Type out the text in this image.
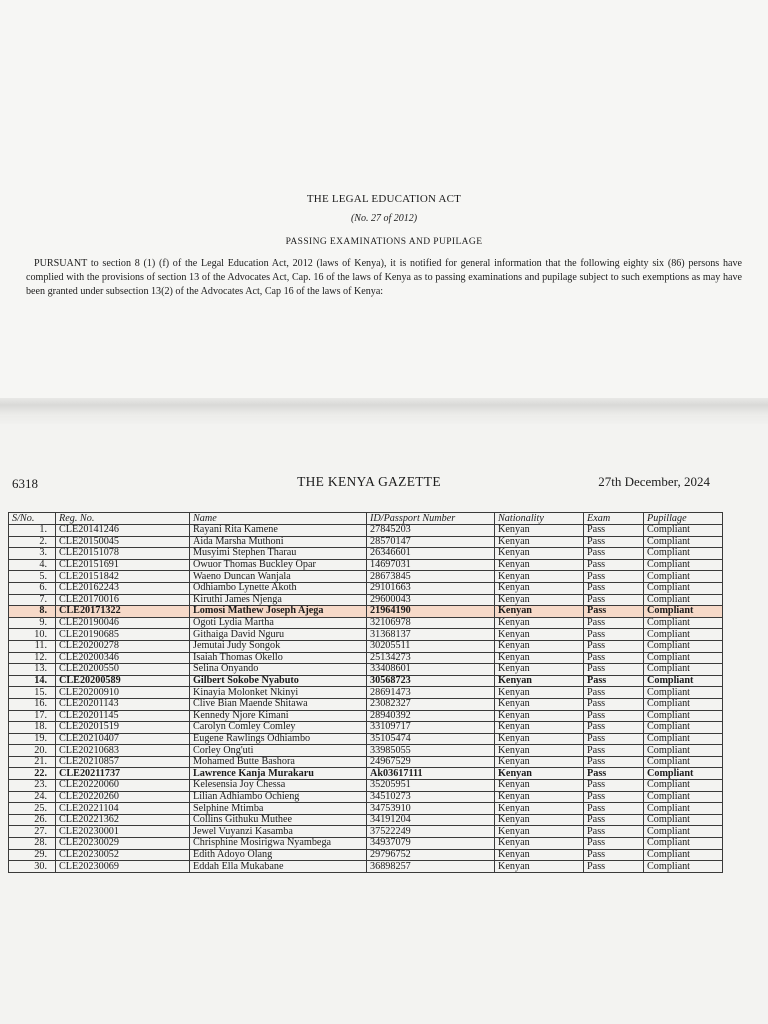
THE LEGAL EDUCATION ACT
(No. 27 of 2012)
PASSING EXAMINATIONS AND PUPILAGE
PURSUANT to section 8 (1) (f) of the Legal Education Act, 2012 (laws of Kenya), it is notified for general information that the following eighty six (86) persons have complied with the provisions of section 13 of the Advocates Act, Cap. 16 of the laws of Kenya as to passing examinations and pupilage subject to such exemptions as may have been granted under subsection 13(2) of the Advocates Act, Cap 16 of the laws of Kenya:
6318	THE KENYA GAZETTE	27th December, 2024
S/No.	Reg. No.	Name	ID/Passport Number	Nationality	Exam	Pupillage
1.	CLE20141246	Rayani Rita Kamene	27845203	Kenyan	Pass	Compliant
2.	CLE20150045	Aida Marsha Muthoni	28570147	Kenyan	Pass	Compliant
3.	CLE20151078	Musyimi Stephen Tharau	26346601	Kenyan	Pass	Compliant
4.	CLE20151691	Owuor Thomas Buckley Opar	14697031	Kenyan	Pass	Compliant
5.	CLE20151842	Waeno Duncan Wanjala	28673845	Kenyan	Pass	Compliant
6.	CLE20162243	Odhiambo Lynette Akoth	29101663	Kenyan	Pass	Compliant
7.	CLE20170016	Kiruthi James Njenga	29600043	Kenyan	Pass	Compliant
8.	CLE20171322	Lomosi Mathew Joseph Ajega	21964190	Kenyan	Pass	Compliant
9.	CLE20190046	Ogoti Lydia Martha	32106978	Kenyan	Pass	Compliant
10.	CLE20190685	Githaiga David Nguru	31368137	Kenyan	Pass	Compliant
11.	CLE20200278	Jemutai Judy Songok	30205511	Kenyan	Pass	Compliant
12.	CLE20200346	Isaiah Thomas Okello	25134273	Kenyan	Pass	Compliant
13.	CLE20200550	Selina Onyando	33408601	Kenyan	Pass	Compliant
14.	CLE20200589	Gilbert Sokobe Nyabuto	30568723	Kenyan	Pass	Compliant
15.	CLE20200910	Kinayia Molonket Nkinyi	28691473	Kenyan	Pass	Compliant
16.	CLE20201143	Clive Bian Maende Shitawa	23082327	Kenyan	Pass	Compliant
17.	CLE20201145	Kennedy Njore Kimani	28940392	Kenyan	Pass	Compliant
18.	CLE20201519	Carolyn Comley Comley	33109717	Kenyan	Pass	Compliant
19.	CLE20210407	Eugene Rawlings Odhiambo	35105474	Kenyan	Pass	Compliant
20.	CLE20210683	Corley Ong'uti	33985055	Kenyan	Pass	Compliant
21.	CLE20210857	Mohamed Butte Bashora	24967529	Kenyan	Pass	Compliant
22.	CLE20211737	Lawrence Kanja Murakaru	Ak03617111	Kenyan	Pass	Compliant
23.	CLE20220060	Kelesensia Joy Chessa	35205951	Kenyan	Pass	Compliant
24.	CLE20220260	Lilian Adhiambo Ochieng	34510273	Kenyan	Pass	Compliant
25.	CLE20221104	Selphine Mtimba	34753910	Kenyan	Pass	Compliant
26.	CLE20221362	Collins Githuku Muthee	34191204	Kenyan	Pass	Compliant
27.	CLE20230001	Jewel Vuyanzi Kasamba	37522249	Kenyan	Pass	Compliant
28.	CLE20230029	Chrisphine Mosirigwa Nyambega	34937079	Kenyan	Pass	Compliant
29.	CLE20230052	Edith Adoyo Olang	29796752	Kenyan	Pass	Compliant
30.	CLE20230069	Eddah Ella Mukabane	36898257	Kenyan	Pass	Compliant
